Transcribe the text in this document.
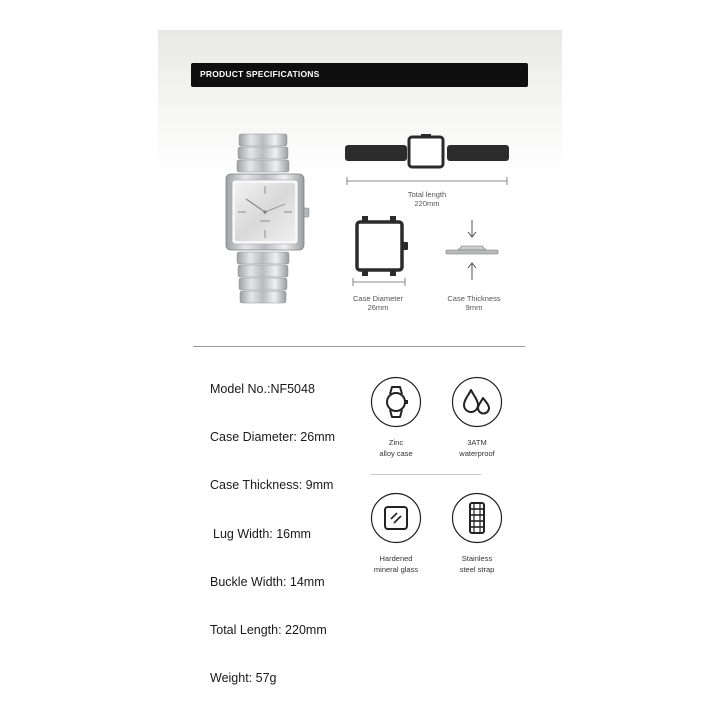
PRODUCT SPECIFICATIONS
Total length
220mm
Case Diameter
26mm
Case Thickness
9mm
Model No.:NF5048
Case Diameter: 26mm
Case Thickness: 9mm
Lug Width: 16mm
Buckle Width: 14mm
Total Length: 220mm
Weight: 57g
Zinc
alloy case
3ATM
waterproof
Hardened
mineral glass
Stainless
steel strap
